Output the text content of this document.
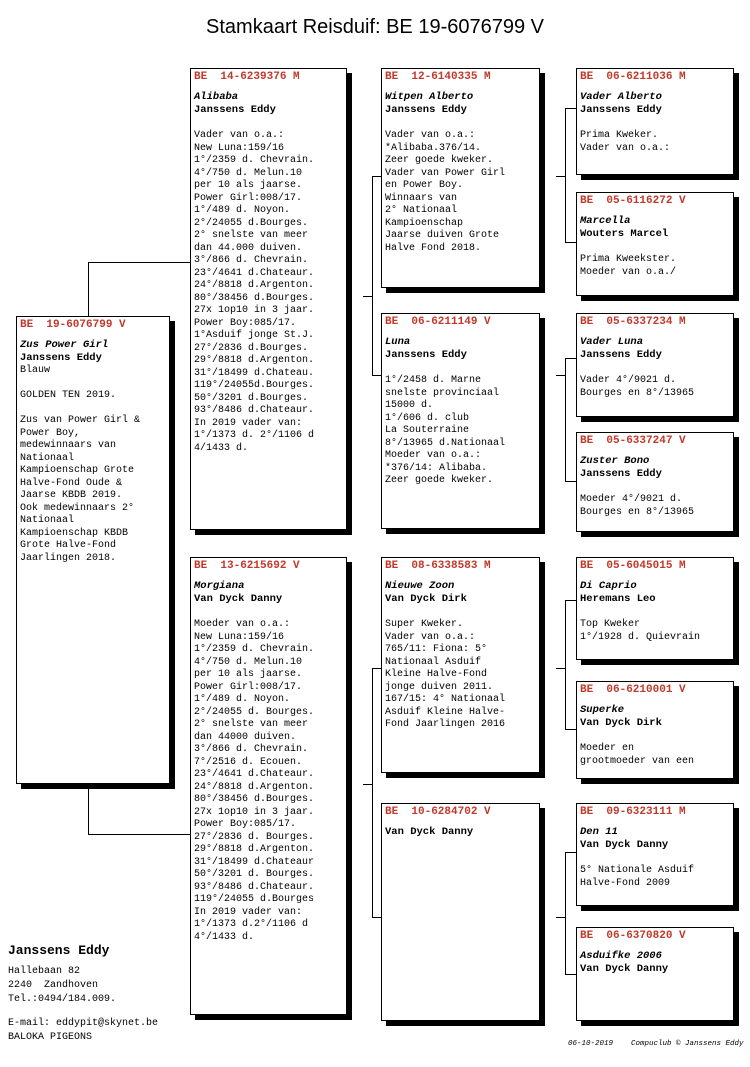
Stamkaart Reisduif: BE 19-6076799 V
BE  19-6076799 V
Zus Power Girl
Janssens Eddy
Blauw

GOLDEN TEN 2019.

Zus van Power Girl &
Power Boy,
medewinnaars van
Nationaal
Kampioenschap Grote
Halve-Fond Oude &
Jaarse KBDB 2019.
Ook medewinnaars 2°
Nationaal
Kampioenschap KBDB
Grote Halve-Fond
Jaarlingen 2018.
BE  14-6239376 M
Alibaba
Janssens Eddy
Vader van o.a.:
New Luna:159/16
1°/2359 d. Chevrain.
4°/750 d. Melun.10
per 10 als jaarse.
Power Girl:008/17.
1°/489 d. Noyon.
2°/24055 d.Bourges.
2° snelste van meer
dan 44.000 duiven.
3°/866 d. Chevrain.
23°/4641 d.Chateaur.
24°/8818 d.Argenton.
80°/38456 d.Bourges.
27x 1op10 in 3 jaar.
Power Boy:085/17.
1°Asduif jonge St.J.
27°/2836 d.Bourges.
29°/8818 d.Argenton.
31°/18499 d.Chateau.
119°/24055d.Bourges.
50°/3201 d.Bourges.
93°/8486 d.Chateaur.
In 2019 vader van:
1°/1373 d. 2°/1106 d
4/1433 d.
BE  13-6215692 V
Morgiana
Van Dyck Danny
Moeder van o.a.:
New Luna:159/16
1°/2359 d. Chevrain.
4°/750 d. Melun.10
per 10 als jaarse.
Power Girl:008/17.
1°/489 d. Noyon.
2°/24055 d. Bourges.
2° snelste van meer
dan 44000 duiven.
3°/866 d. Chevrain.
7°/2516 d. Ecouen.
23°/4641 d.Chateaur.
24°/8818 d.Argenton.
80°/38456 d.Bourges.
27x 1op10 in 3 jaar.
Power Boy:085/17.
27°/2836 d. Bourges.
29°/8818 d.Argenton.
31°/18499 d.Chateaur
50°/3201 d. Bourges.
93°/8486 d.Chateaur.
119°/24055 d.Bourges
In 2019 vader van:
1°/1373 d.2°/1106 d
4°/1433 d.
BE  12-6140335 M
Witpen Alberto
Janssens Eddy
Vader van o.a.:
*Alibaba.376/14.
Zeer goede kweker.
Vader van Power Girl
en Power Boy.
Winnaars van
2° Nationaal
Kampioenschap
Jaarse duiven Grote
Halve Fond 2018.
BE  06-6211149 V
Luna
Janssens Eddy
1°/2458 d. Marne
snelste provinciaal
15000 d.
1°/606 d. club
La Souterraine
8°/13965 d.Nationaal
Moeder van o.a.:
*376/14: Alibaba.
Zeer goede kweker.
BE  08-6338583 M
Nieuwe Zoon
Van Dyck Dirk
Super Kweker.
Vader van o.a.:
765/11: Fiona: 5°
Nationaal Asduif
Kleine Halve-Fond
jonge duiven 2011.
167/15: 4° Nationaal
Asduif Kleine Halve-
Fond Jaarlingen 2016
BE  10-6284702 V
Van Dyck Danny
BE  06-6211036 M
Vader Alberto
Janssens Eddy
Prima Kweker.
Vader van o.a.:
BE  05-6116272 V
Marcella
Wouters Marcel
Prima Kweekster.
Moeder van o.a./
BE  05-6337234 M
Vader Luna
Janssens Eddy
Vader 4°/9021 d.
Bourges en 8°/13965
BE  05-6337247 V
Zuster Bono
Janssens Eddy
Moeder 4°/9021 d.
Bourges en 8°/13965
BE  05-6045015 M
Di Caprio
Heremans Leo
Top Kweker
1°/1928 d. Quievrain
BE  06-6210001 V
Superke
Van Dyck Dirk
Moeder en
grootmoeder van een
BE  09-6323111 M
Den 11
Van Dyck Danny
5° Nationale Asduif
Halve-Fond 2009
BE  06-6370820 V
Asduifke 2006
Van Dyck Danny
Janssens Eddy
Hallebaan 82
2240  Zandhoven
Tel.:0494/184.009.
E-mail: eddypit@skynet.be
BALOKA PIGEONS
06-10-2019    Compuclub © Janssens Eddy
